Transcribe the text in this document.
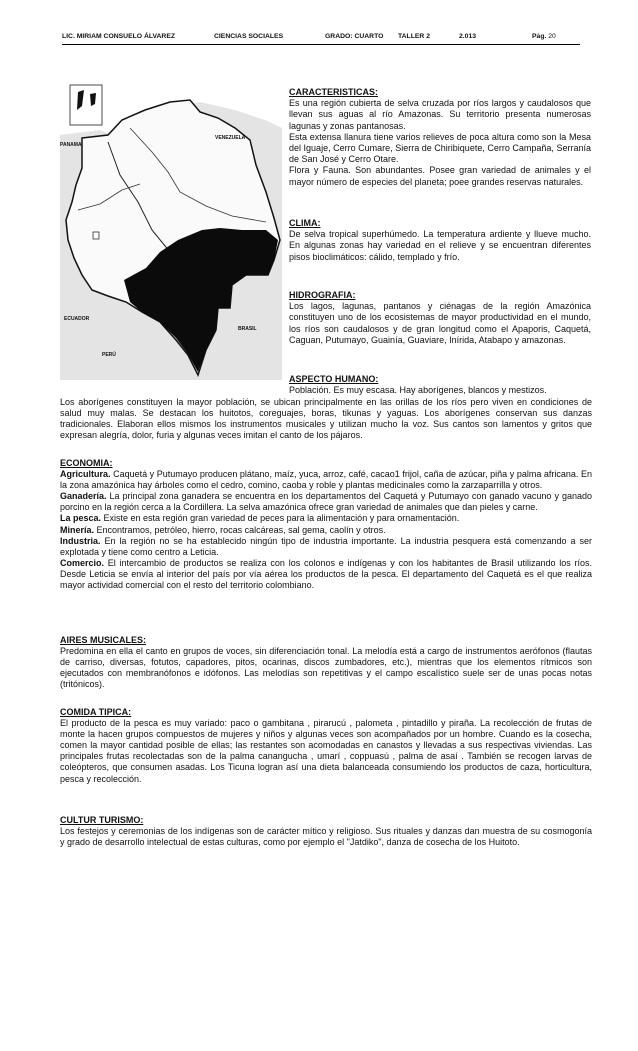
LIC. MIRIAM CONSUELO ÁLVAREZ	CIENCIAS SOCIALES	GRADO: CUARTO TALLER 2	2.013	Pág. 20
PANAMA
VENEZUELA
ECUADOR
PERÚ
BRASIL

CARACTERISTICAS:

Es una región cubierta de selva cruzada por ríos largos y caudalosos que llevan sus aguas al río Amazonas. Su territorio presenta numerosas lagunas y zonas pantanosas.

Esta extensa llanura tiene varios relieves de poca altura como son la Mesa del Iguaje, Cerro Cumare, Sierra de Chiribiquete, Cerro Campaña, Serranía de San José y Cerro Otare.

Flora y Fauna. Son abundantes. Posee gran variedad de animales y el mayor número de especies del planeta; poee grandes reservas naturales.

CLIMA:

De selva tropical superhúmedo. La temperatura ardiente y llueve mucho. En algunas zonas hay variedad en el relieve y se encuentran diferentes pisos bioclimáticos: cálido, templado y frío.

HIDROGRAFIA:

Los lagos, lagunas, pantanos y ciénagas de la región Amazónica constituyen uno de los ecosistemas de mayor productividad en el mundo, los ríos son caudalosos y de gran longitud como el Apaporis, Caquetá, Caguan, Putumayo, Guainía, Guaviare, Inírida, Atabapo y amazonas.

ASPECTO HUMANO:

Población. Es muy escasa. Hay aborígenes, blancos y mestizos.

Los aborígenes constituyen la mayor población, se ubican principalmente en las orillas de los ríos pero viven en condiciones de salud muy malas. Se destacan los huitotos, coreguajes, boras, tikunas y yaguas. Los aborígenes conservan sus danzas tradicionales. Elaboran ellos mismos los instrumentos musicales y utilizan mucho la voz. Sus cantos son lamentos y gritos que expresan alegría, dolor, furia y algunas veces imitan el canto de los pájaros.

ECONOMIA:

Agricultura. Caquetá y Putumayo producen plátano, maíz, yuca, arroz, café, cacao1 frijol, caña de azúcar, piña y palma africana. En la zona amazónica hay árboles como el cedro, comino, caoba y roble y plantas medicinales como la zarzaparrilla y otros.

Ganadería. La principal zona ganadera se encuentra en los departamentos del Caquetá y Putumayo con ganado vacuno y ganado porcino en la región cerca a la Cordillera. La selva amazónica ofrece gran variedad de animales que dan pieles y carne.

La pesca. Existe en esta región gran variedad de peces para la alimentación y para ornamentación.

Minería. Encontramos, petróleo, hierro, rocas calcáreas, sal gema, caolín y otros.

Industria. En la región no se ha establecido ningún tipo de industria importante. La industria pesquera está comenzando a ser explotada y tiene como centro a Leticia.

Comercio. El intercambio de productos se realiza con los colonos e indígenas y con los habitantes de Brasil utilizando los ríos. Desde Leticia se envía al interior del país por vía aérea los productos de la pesca. El departamento del Caquetá es el que realiza mayor actividad comercial con el resto del territorio colombiano.

AIRES MUSICALES:

Predomina en ella el canto en grupos de voces, sin diferenciación tonal. La melodía está a cargo de instrumentos aerófonos (flautas de carriso, diversas, fotutos, capadores, pitos, ocarinas, discos zumbadores, etc.), mientras que los elementos rítmicos son ejecutados con membranófonos e idófonos. Las melodías son repetitivas y el campo escalístico suele ser de unas pocas notas (tritónicos).

COMIDA TIPICA:

El producto de la pesca es muy variado: paco o gambitana , pirarucú , palometa , pintadillo y piraña. La recolección de frutas de monte la hacen grupos compuestos de mujeres y niños y algunas veces son acompañados por un hombre. Cuando es la cosecha, comen la mayor cantidad posible de ellas; las restantes son acomodadas en canastos y llevadas a sus respectivas viviendas. Las principales frutas recolectadas son de la palma canangucha , umarí , coppuasú , palma de asaí . También se recogen larvas de coleópteros, que consumen asadas. Los Ticuna logran así una dieta balanceada consumiendo los productos de caza, horticultura, pesca y recolección.

CULTUR TURISMO:

Los festejos y ceremonias de los indígenas son de carácter mítico y religioso. Sus rituales y danzas dan muestra de su cosmogonía y grado de desarrollo intelectual de estas culturas, como por ejemplo el "Jatdiko", danza de cosecha de los Huitoto.
